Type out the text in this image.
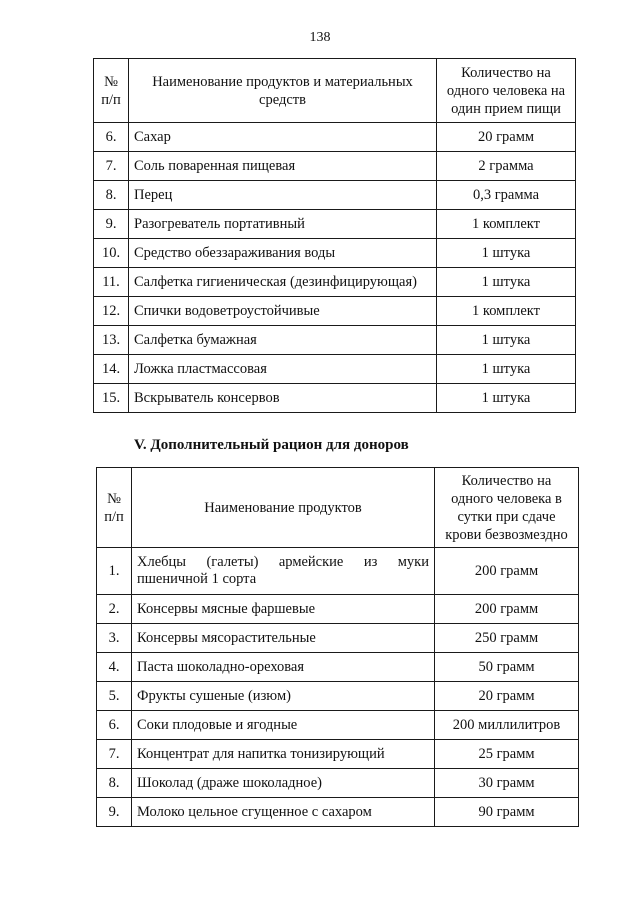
138
№ п/п	Наименование продуктов и материальных средств	Количество на одного человека на один прием пищи
6.	Сахар	20 грамм
7.	Соль поваренная пищевая	2 грамма
8.	Перец	0,3 грамма
9.	Разогреватель портативный	1 комплект
10.	Средство обеззараживания воды	1 штука
11.	Салфетка гигиеническая (дезинфицирующая)	1 штука
12.	Спички водоветроустойчивые	1 комплект
13.	Салфетка бумажная	1 штука
14.	Ложка пластмассовая	1 штука
15.	Вскрыватель консервов	1 штука
V. Дополнительный рацион для доноров
№ п/п	Наименование продуктов	Количество на одного человека в сутки при сдаче крови безвозмездно
1.	Хлебцы (галеты) армейские из муки пшеничной 1 сорта	200 грамм
2.	Консервы мясные фаршевые	200 грамм
3.	Консервы мясорастительные	250 грамм
4.	Паста шоколадно-ореховая	50 грамм
5.	Фрукты сушеные (изюм)	20 грамм
6.	Соки плодовые и ягодные	200 миллилитров
7.	Концентрат для напитка тонизирующий	25 грамм
8.	Шоколад (драже шоколадное)	30 грамм
9.	Молоко цельное сгущенное с сахаром	90 грамм
